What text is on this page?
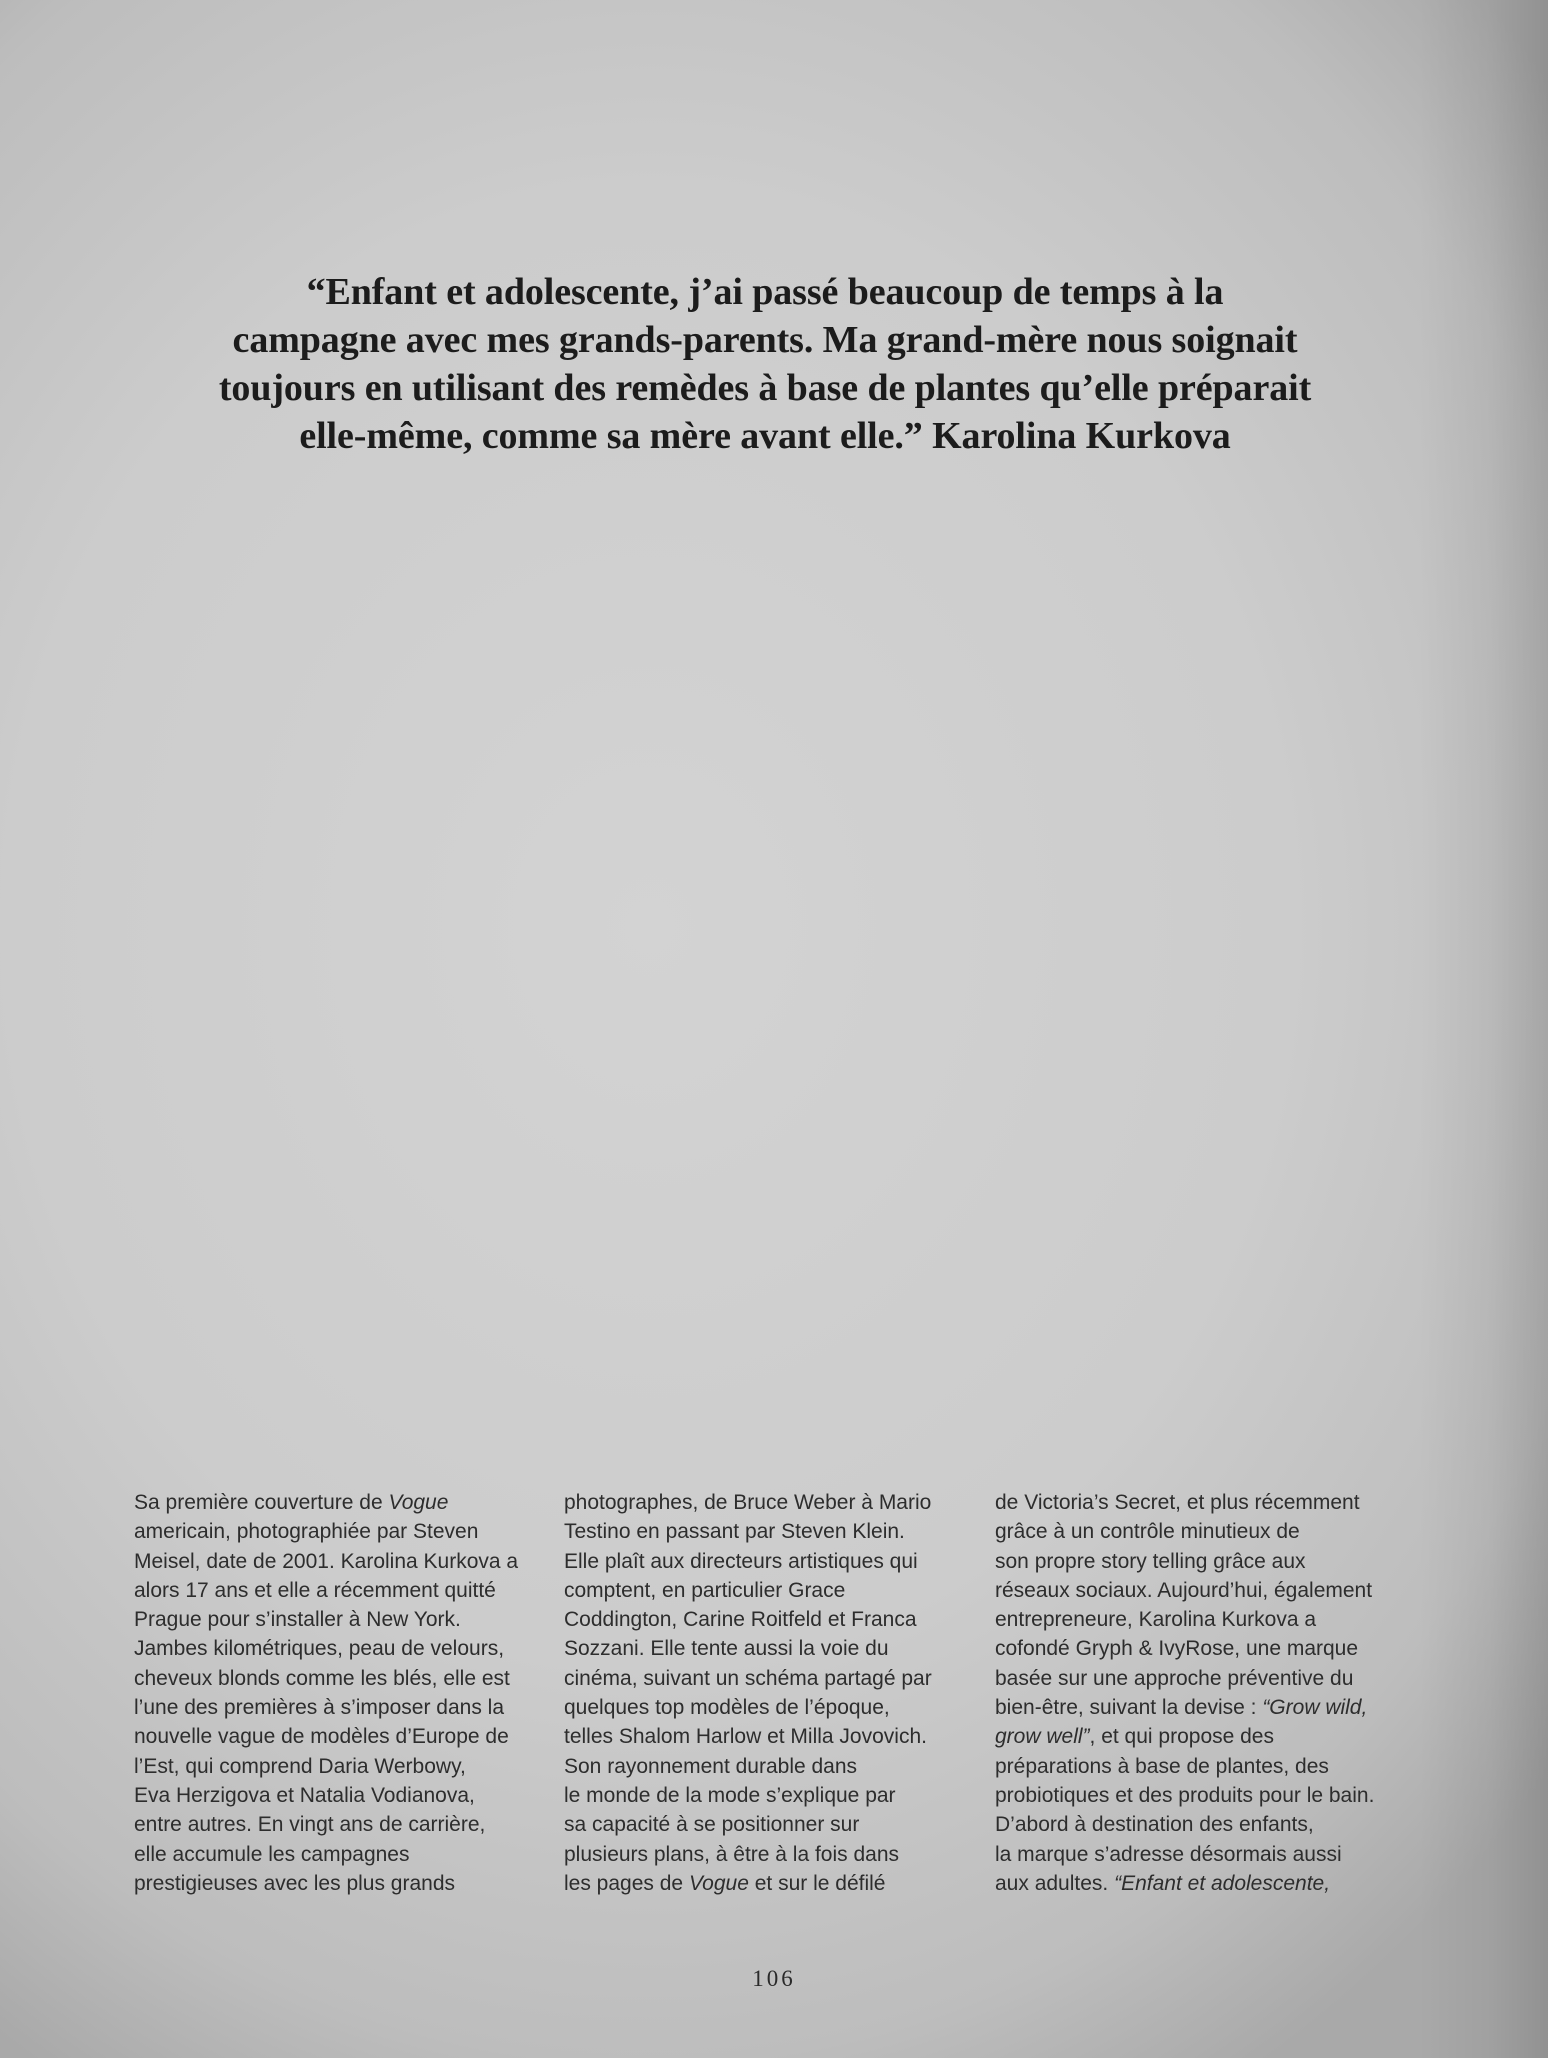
“Enfant et adolescente, j’ai passé beaucoup de temps à la
campagne avec mes grands-parents. Ma grand-mère nous soignait
toujours en utilisant des remèdes à base de plantes qu’elle préparait
elle-même, comme sa mère avant elle.” Karolina Kurkova
Sa première couverture de Vogue
americain, photographiée par Steven
Meisel, date de 2001. Karolina Kurkova a
alors 17 ans et elle a récemment quitté
Prague pour s’installer à New York.
Jambes kilométriques, peau de velours,
cheveux blonds comme les blés, elle est
l’une des premières à s’imposer dans la
nouvelle vague de modèles d’Europe de
l’Est, qui comprend Daria Werbowy,
Eva Herzigova et Natalia Vodianova,
entre autres. En vingt ans de carrière,
elle accumule les campagnes
prestigieuses avec les plus grands
photographes, de Bruce Weber à Mario
Testino en passant par Steven Klein.
Elle plaît aux directeurs artistiques qui
comptent, en particulier Grace
Coddington, Carine Roitfeld et Franca
Sozzani. Elle tente aussi la voie du
cinéma, suivant un schéma partagé par
quelques top modèles de l’époque,
telles Shalom Harlow et Milla Jovovich.
Son rayonnement durable dans
le monde de la mode s’explique par
sa capacité à se positionner sur
plusieurs plans, à être à la fois dans
les pages de Vogue et sur le défilé
de Victoria’s Secret, et plus récemment
grâce à un contrôle minutieux de
son propre story telling grâce aux
réseaux sociaux. Aujourd’hui, également
entrepreneure, Karolina Kurkova a
cofondé Gryph & IvyRose, une marque
basée sur une approche préventive du
bien-être, suivant la devise : “Grow wild,
grow well”, et qui propose des
préparations à base de plantes, des
probiotiques et des produits pour le bain.
D’abord à destination des enfants,
la marque s’adresse désormais aussi
aux adultes. “Enfant et adolescente,
106
